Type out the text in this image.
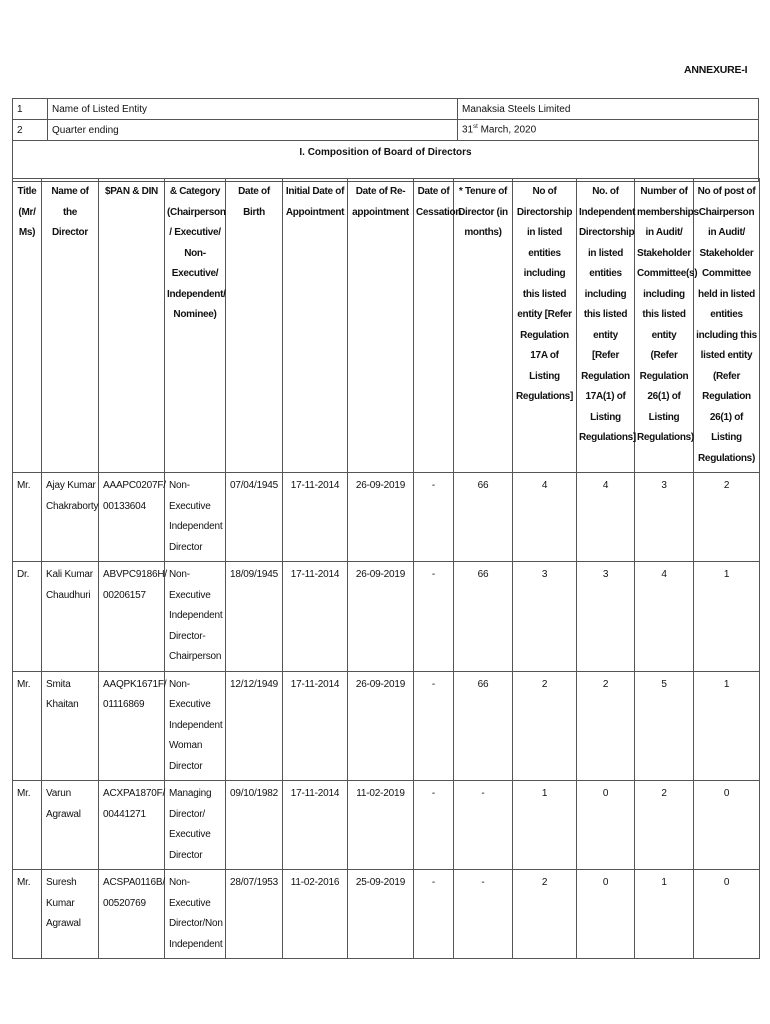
ANNEXURE-I
1	Name of Listed Entity	Manaksia Steels Limited
2	Quarter ending	31st March, 2020
I. Composition of Board of Directors		
Title (Mr/ Ms)	Name of the Director	$PAN & DIN	& Category (Chairperson / Executive/ Non-Executive/ Independent/ Nominee)	Date of Birth	Initial Date of Appointment	Date of Re-appointment	Date of Cessation	* Tenure of Director (in months)	No of Directorship in listed entities including this listed entity [Refer Regulation 17A of Listing Regulations]	No. of Independent Directorship in listed entities including this listed entity [Refer Regulation 17A(1) of Listing Regulations]	Number of memberships in Audit/ Stakeholder Committee(s) including this listed entity (Refer Regulation 26(1) of Listing Regulations)	No of post of Chairperson in Audit/ Stakeholder Committee held in listed entities including this listed entity (Refer Regulation 26(1) of Listing Regulations)
Mr.	Ajay Kumar Chakraborty	AAAPC0207F/ 00133604	Non-Executive Independent Director	07/04/1945	17-11-2014	26-09-2019	-	66	4	4	3	2
Dr.	Kali Kumar Chaudhuri	ABVPC9186H/ 00206157	Non-Executive Independent Director-Chairperson	18/09/1945	17-11-2014	26-09-2019	-	66	3	3	4	1
Mr.	Smita Khaitan	AAQPK1671F/ 01116869	Non-Executive Independent Woman Director	12/12/1949	17-11-2014	26-09-2019	-	66	2	2	5	1
Mr.	Varun Agrawal	ACXPA1870F/ 00441271	Managing Director/ Executive Director	09/10/1982	17-11-2014	11-02-2019	-	-	1	0	2	0
Mr.	Suresh Kumar Agrawal	ACSPA0116B/ 00520769	Non-Executive Director/Non Independent	28/07/1953	11-02-2016	25-09-2019	-	-	2	0	1	0
